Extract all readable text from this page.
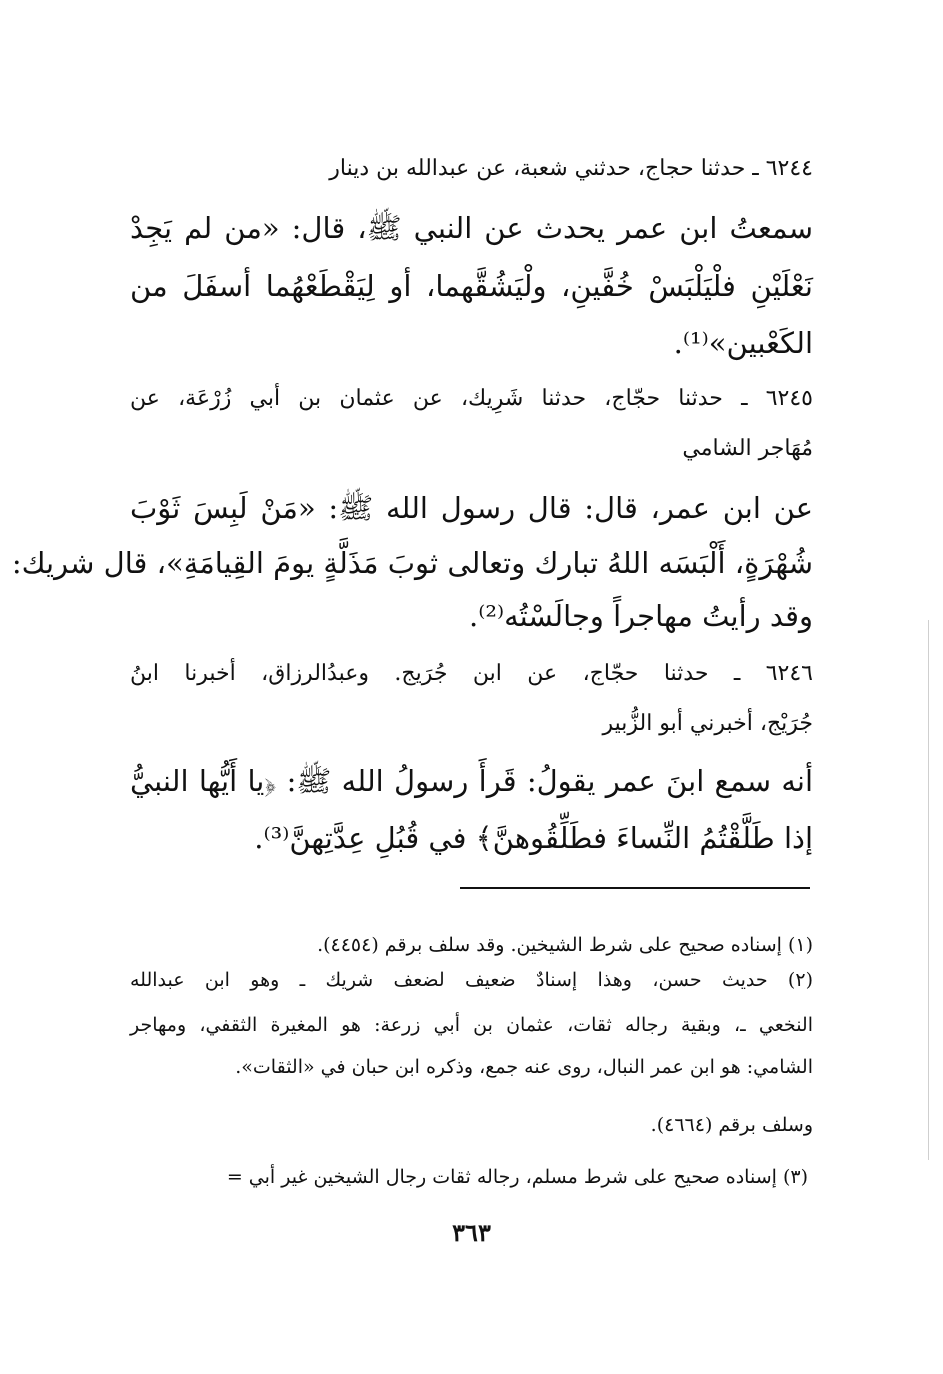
٦٢٤٤ ـ حدثنا حجاج، حدثني شعبة، عن عبدالله بن دينار
سمعتُ ابن عمر يحدث عن النبي ﷺ، قال: «من لم يَجِدْ
نَعْلَيْنِ فلْيَلْبَسْ خُفَّينِ، ولْيَشُقَّهما، أو لِيَقْطَعْهُما أسفَلَ من
الكَعْبين»⁽¹⁾.
٦٢٤٥ ـ حدثنا حجّاج، حدثنا شَرِيك، عن عثمان بن أبي زُرْعَة، عن
مُهَاجر الشامي
عن ابن عمر، قال: قال رسول الله ﷺ: «مَنْ لَبِسَ ثَوْبَ
شُهْرَةٍ، أَلْبَسَه اللهُ تبارك وتعالى ثوبَ مَذَلَّةٍ يومَ القِيامَةِ»، قال شريك:
وقد رأيتُ مهاجراً وجالَسْتُه⁽²⁾.
٦٢٤٦ ـ حدثنا حجّاج، عن ابن جُرَيج. وعبدُالرزاق، أخبرنا ابنُ
جُرَيْج، أخبرني أبو الزُّبير
أنه سمع ابنَ عمر يقولُ: قَرأَ رسولُ الله ﷺ: ﴿يا أَيُّها النبيُّ
إذا طَلَّقْتُمُ النِّساءَ فطَلِّقُوهنَّ﴾ في قُبُلِ عِدَّتِهنَّ⁽³⁾.
(١) إسناده صحيح على شرط الشيخين. وقد سلف برقم (٤٤٥٤).
(٢) حديث حسن، وهذا إسنادٌ ضعيف لضعف شريك ـ وهو ابن عبدالله
النخعي ـ، وبقية رجاله ثقات، عثمان بن أبي زرعة: هو المغيرة الثقفي، ومهاجر
الشامي: هو ابن عمر النبال، روى عنه جمع، وذكره ابن حبان في «الثقات».
وسلف برقم (٤٦٦٤).
(٣) إسناده صحيح على شرط مسلم، رجاله ثقات رجال الشيخين غير أبي =
٣٦٣
